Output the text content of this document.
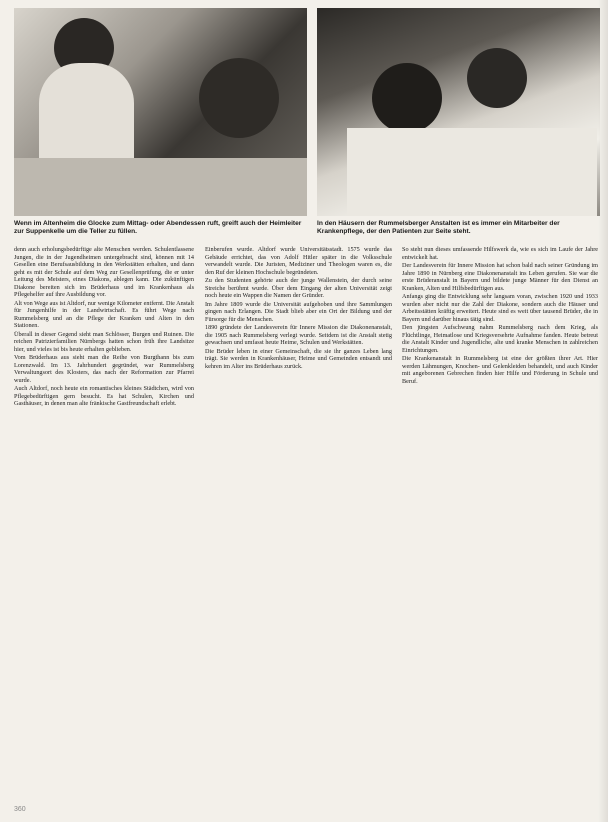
Wenn im Altenheim die Glocke zum Mittag- oder Abendessen ruft, greift auch der Heimleiter zur Suppenkelle um die Teller zu füllen.
In den Häusern der Rummelsberger Anstalten ist es immer ein Mitarbeiter der Krankenpflege, der den Patienten zur Seite steht.

denn auch erholungsbedürftige alte Menschen werden. Schulentlassene Jungen, die in der Jugendheimen untergebracht sind, können mit 14 Gesellen eine Berufsausbildung in den Werkstätten erhalten, und dann geht es mit der Schule auf dem Weg zur Gesellenprüfung, die er unter Leitung des Meisters, eines Diakons, ablegen kann. Die zukünftigen Diakone bereiten sich im Brüderhaus und im Krankenhaus als Pflegehelfer auf ihre Ausbildung vor.

Alt von Wege aus ist Altdorf, nur wenige Kilometer entfernt. Die Anstalt für Jungenhilfe in der Landwirtschaft. Es führt Wege nach Rummelsberg und an die Pflege der Kranken und Alten in den Stationen.

Überall in dieser Gegend sieht man Schlösser, Burgen und Ruinen. Die reichen Patrizierfamilien Nürnbergs hatten schon früh ihre Landsitze hier, und vieles ist bis heute erhalten geblieben.

Vom Brüderhaus aus sieht man die Reihe von Burgthann bis zum Lorenzwald. Im 13. Jahrhundert gegründet, war Rummelsberg Verwaltungsort des Klosters, das nach der Reformation zur Pfarrei wurde.

Auch Altdorf, noch heute ein romantisches kleines Städtchen, wird von Pflegebedürftigen gern besucht. Es hat Schulen, Kirchen und Gasthäuser, in denen man alte fränkische Gastfreundschaft erlebt.

Einberufen wurde. Altdorf wurde Universitätsstadt. 1575 wurde das Gebäude errichtet, das von Adolf Hitler später in die Volksschule verwandelt wurde. Die Juristen, Mediziner und Theologen waren es, die den Ruf der kleinen Hochschule begründeten.

Zu den Studenten gehörte auch der junge Wallenstein, der durch seine Streiche berühmt wurde. Über dem Eingang der alten Universität zeigt noch heute ein Wappen die Namen der Gründer.

Im Jahre 1809 wurde die Universität aufgehoben und ihre Sammlungen gingen nach Erlangen. Die Stadt blieb aber ein Ort der Bildung und der Fürsorge für die Menschen.

1890 gründete der Landesverein für Innere Mission die Diakonenanstalt, die 1905 nach Rummelsberg verlegt wurde. Seitdem ist die Anstalt stetig gewachsen und umfasst heute Heime, Schulen und Werkstätten.

Die Brüder leben in einer Gemeinschaft, die sie ihr ganzes Leben lang trägt. Sie werden in Krankenhäuser, Heime und Gemeinden entsandt und kehren im Alter ins Brüderhaus zurück.

So steht nun dieses umfassende Hilfswerk da, wie es sich im Laufe der Jahre entwickelt hat.

Der Landesverein für Innere Mission hat schon bald nach seiner Gründung im Jahre 1890 in Nürnberg eine Diakonenanstalt ins Leben gerufen. Sie war die erste Brüderanstalt in Bayern und bildete junge Männer für den Dienst an Kranken, Alten und Hilfsbedürftigen aus.

Anfangs ging die Entwicklung sehr langsam voran, zwischen 1920 und 1933 wurden aber nicht nur die Zahl der Diakone, sondern auch die Häuser und Arbeitsstätten kräftig erweitert. Heute sind es weit über tausend Brüder, die in Bayern und darüber hinaus tätig sind.

Den jüngsten Aufschwung nahm Rummelsberg nach dem Krieg, als Flüchtlinge, Heimatlose und Kriegsversehrte Aufnahme fanden. Heute betreut die Anstalt Kinder und Jugendliche, alte und kranke Menschen in zahlreichen Einrichtungen.

Die Krankenanstalt in Rummelsberg ist eine der größten ihrer Art. Hier werden Lähmungen, Knochen- und Gelenkleiden behandelt, und auch Kinder mit angeborenen Gebrechen finden hier Hilfe und Förderung in Schule und Beruf.

360
